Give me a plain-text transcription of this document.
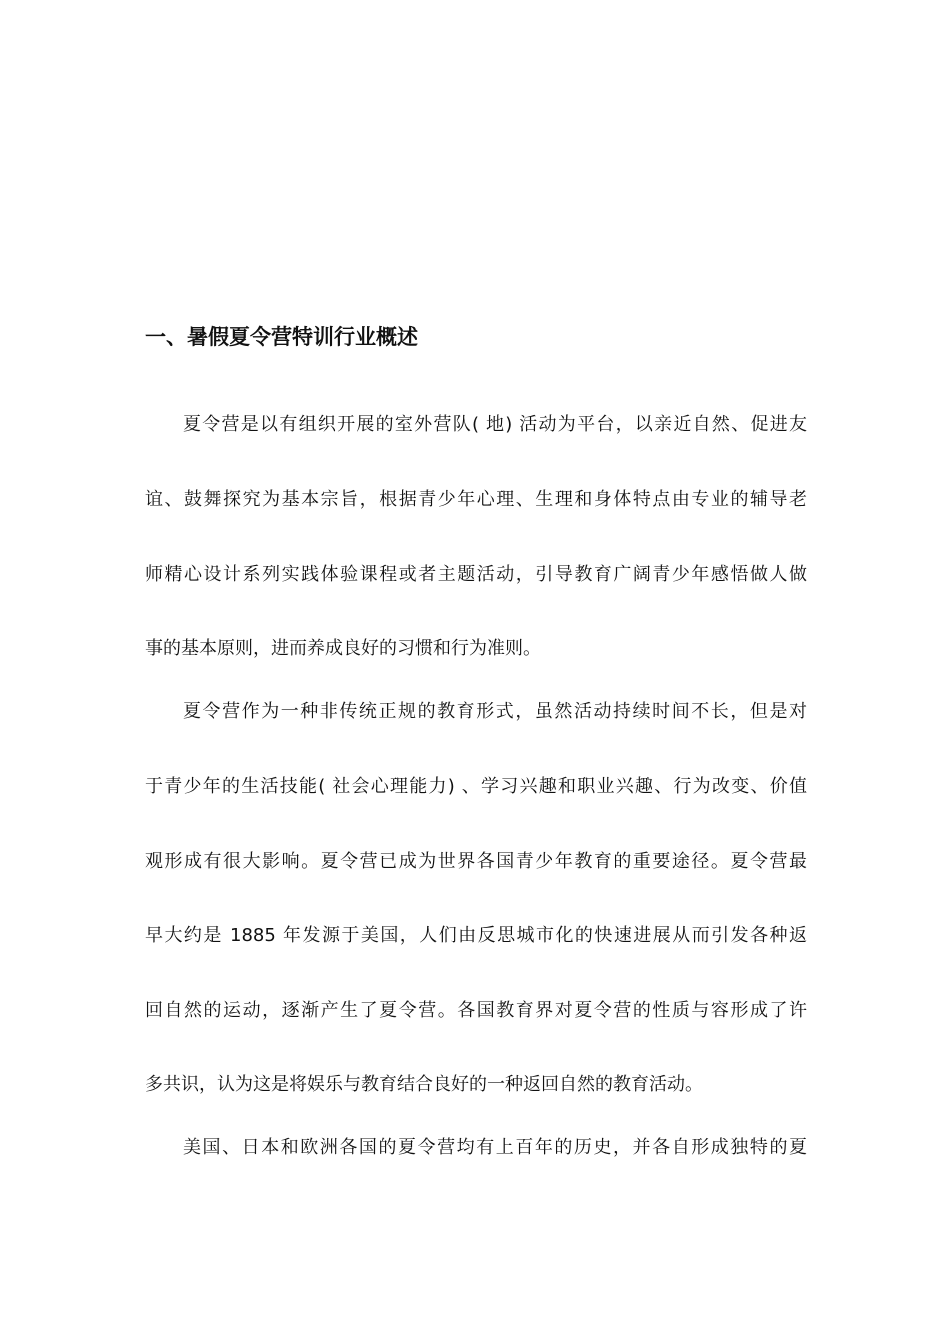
一、暑假夏令营特训行业概述
夏令营是以有组织开展的室外营队( 地) 活动为平台，以亲近自然、促进友
谊、鼓舞探究为基本宗旨，根据青少年心理、生理和身体特点由专业的辅导老
师精心设计系列实践体验课程或者主题活动，引导教育广阔青少年感悟做人做
事的基本原则，进而养成良好的习惯和行为准则。
夏令营作为一种非传统正规的教育形式，虽然活动持续时间不长，但是对
于青少年的生活技能( 社会心理能力) 、学习兴趣和职业兴趣、行为改变、价值
观形成有很大影响。夏令营已成为世界各国青少年教育的重要途径。夏令营最
早大约是 1885 年发源于美国，人们由反思城市化的快速进展从而引发各种返
回自然的运动，逐渐产生了夏令营。各国教育界对夏令营的性质与容形成了许
多共识，认为这是将娱乐与教育结合良好的一种返回自然的教育活动。
美国、日本和欧洲各国的夏令营均有上百年的历史，并各自形成独特的夏
